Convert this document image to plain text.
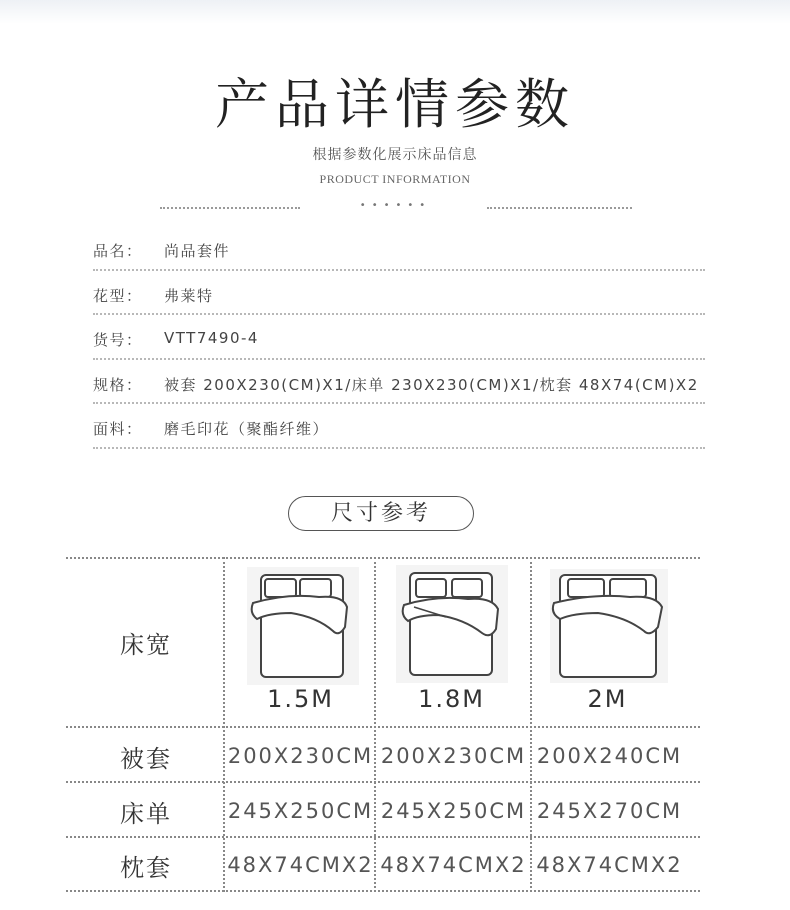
产品详情参数
根据参数化展示床品信息
PRODUCT INFORMATION
••••••
品名： 尚品套件
花型： 弗莱特
货号： VTT7490-4
规格： 被套 200X230(CM)X1/床单 230X230(CM)X1/枕套 48X74(CM)X2
面料： 磨毛印花（聚酯纤维）
尺寸参考
床宽
1.5M	1.8M	2M
被套	200X230CM 200X230CM 200X240CM
床单	245X250CM 245X250CM 245X270CM
枕套	48X74CMX2 48X74CMX2 48X74CMX2
